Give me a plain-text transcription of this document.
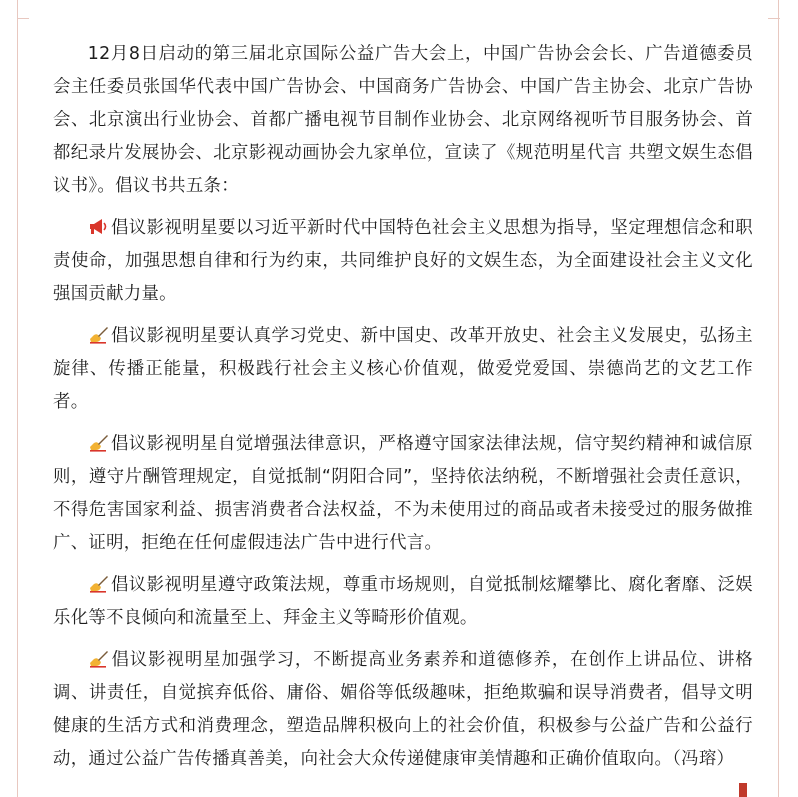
12月8日启动的第三届北京国际公益广告大会上，中国广告协会会长、广告道德委员会主任委员张国华代表中国广告协会、中国商务广告协会、中国广告主协会、北京广告协会、北京演出行业协会、首都广播电视节目制作业协会、北京网络视听节目服务协会、首都纪录片发展协会、北京影视动画协会九家单位，宣读了《规范明星代言 共塑文娱生态倡议书》。倡议书共五条：

倡议影视明星要以习近平新时代中国特色社会主义思想为指导，坚定理想信念和职责使命，加强思想自律和行为约束，共同维护良好的文娱生态，为全面建设社会主义文化强国贡献力量。

倡议影视明星要认真学习党史、新中国史、改革开放史、社会主义发展史，弘扬主旋律、传播正能量，积极践行社会主义核心价值观，做爱党爱国、崇德尚艺的文艺工作者。

倡议影视明星自觉增强法律意识，严格遵守国家法律法规，信守契约精神和诚信原则，遵守片酬管理规定，自觉抵制“阴阳合同”，坚持依法纳税，不断增强社会责任意识，不得危害国家利益、损害消费者合法权益，不为未使用过的商品或者未接受过的服务做推广、证明，拒绝在任何虚假违法广告中进行代言。

倡议影视明星遵守政策法规，尊重市场规则，自觉抵制炫耀攀比、腐化奢靡、泛娱乐化等不良倾向和流量至上、拜金主义等畸形价值观。

倡议影视明星加强学习，不断提高业务素养和道德修养，在创作上讲品位、讲格调、讲责任，自觉摈弃低俗、庸俗、媚俗等低级趣味，拒绝欺骗和误导消费者，倡导文明健康的生活方式和消费理念，塑造品牌积极向上的社会价值，积极参与公益广告和公益行动，通过公益广告传播真善美，向社会大众传递健康审美情趣和正确价值取向。（冯瑢）
